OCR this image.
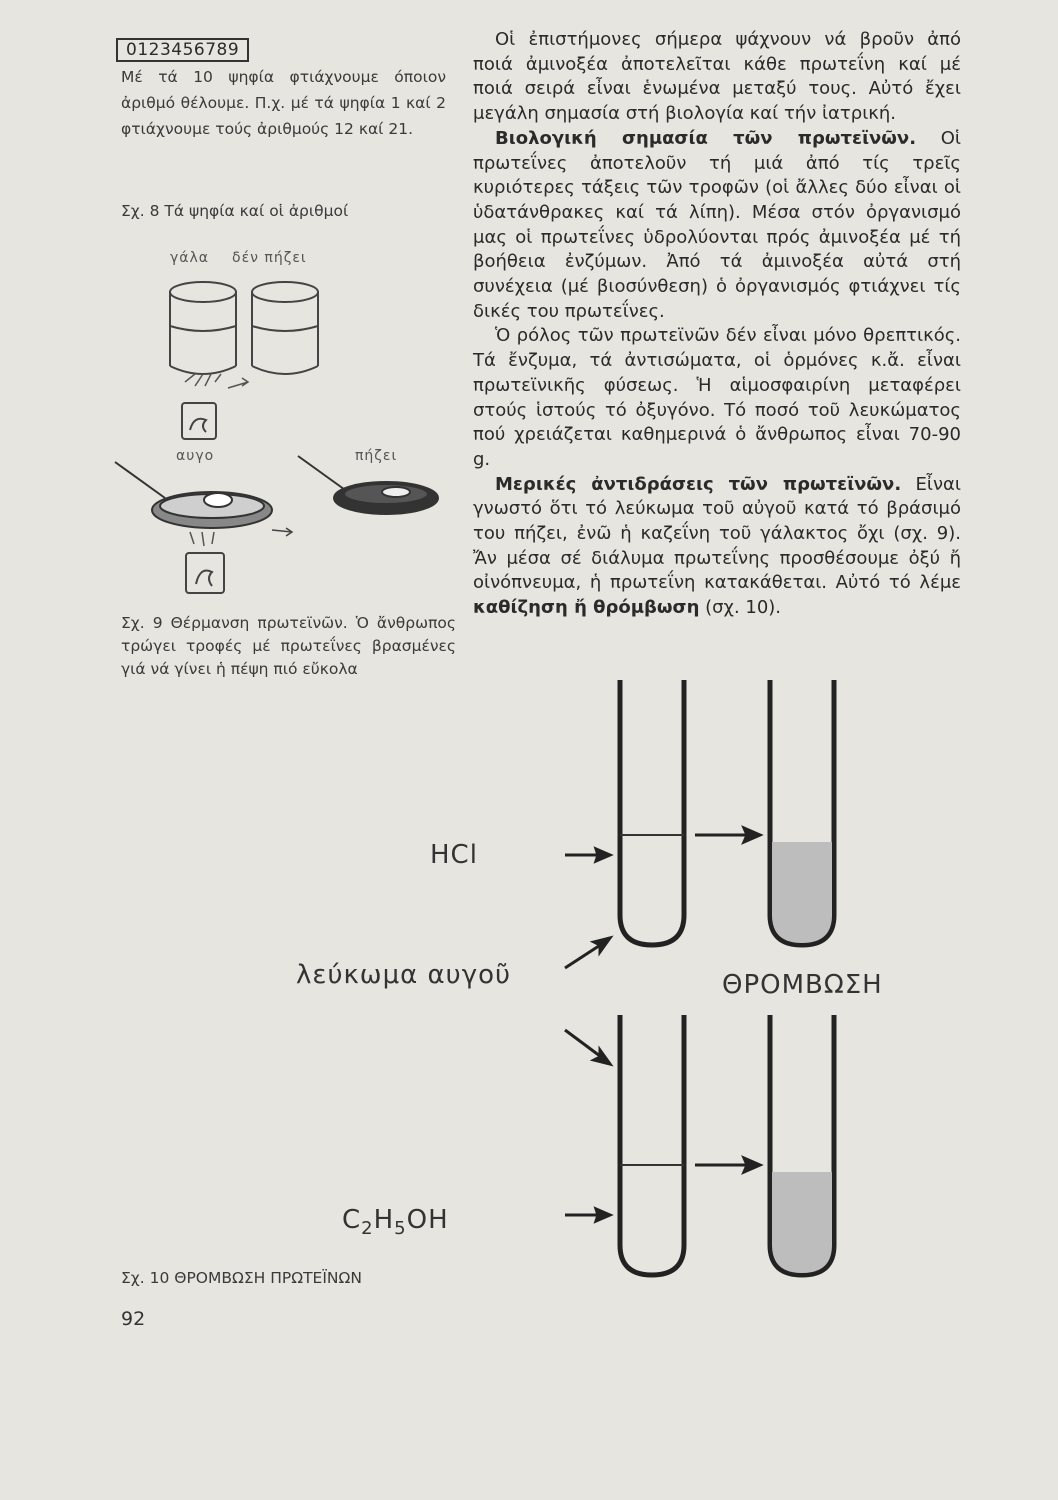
0123456789
Μέ τά 10 ψηφία φτιάχνουμε όποιον ἀριθμό θέλουμε. Π.χ. μέ τά ψηφία 1 καί 2 φτιάχνουμε τούς ἀριθμούς 12 καί 21.
Σχ. 8 Τά ψηφία καί οἱ ἀριθμοί
γάλα δέν πήζει
αυγο	πήζει
Σχ. 9 Θέρμανση πρωτεϊνῶν. Ὁ ἄνθρωπος τρώγει τροφές μέ πρωτεΐνες βρασμένες γιά νά γίνει ἡ πέψη πιό εὔκολα
Σχ. 10 ΘΡΟΜΒΩΣΗ ΠΡΩΤΕΪΝΩΝ
92

Οἱ ἐπιστήμονες σήμερα ψάχνουν νά βροῦν ἀπό ποιά ἀμινοξέα ἀποτελεῖται κάθε πρωτεΐνη καί μέ ποιά σειρά εἶναι ἑνωμένα μεταξύ τους. Αὐτό ἔχει μεγάλη σημασία στή βιολογία καί τήν ἰατρική.

Βιολογική σημασία τῶν πρωτεϊνῶν. Οἱ πρωτεΐνες ἀποτελοῦν τή μιά ἀπό τίς τρεῖς κυριότερες τάξεις τῶν τροφῶν (οἱ ἄλλες δύο εἶναι οἱ ὑδατάνθρακες καί τά λίπη). Μέσα στόν ὀργανισμό μας οἱ πρωτεΐνες ὑδρολύονται πρός ἀμινοξέα μέ τή βοήθεια ἐνζύμων. Ἀπό τά ἀμινοξέα αὐτά στή συνέχεια (μέ βιοσύνθεση) ὁ ὀργανισμός φτιάχνει τίς δικές του πρωτεΐνες.

Ὁ ρόλος τῶν πρωτεϊνῶν δέν εἶναι μόνο θρεπτικός. Τά ἔνζυμα, τά ἀντισώματα, οἱ ὁρμόνες κ.ἄ. εἶναι πρωτεϊνικῆς φύσεως. Ἡ αἱμοσφαιρίνη μεταφέρει στούς ἱστούς τό ὀξυγόνο. Τό ποσό τοῦ λευκώματος πού χρειάζεται καθημερινά ὁ ἄνθρωπος εἶναι 70-90 g.

Μερικές ἀντιδράσεις τῶν πρωτεϊνῶν. Εἶναι γνωστό ὅτι τό λεύκωμα τοῦ αὐγοῦ κατά τό βράσιμό του πήζει, ἐνῶ ἡ καζεΐνη τοῦ γάλακτος ὄχι (σχ. 9). Ἄν μέσα σέ διάλυμα πρωτεΐνης προσθέσουμε ὀξύ ἤ οἰνόπνευμα, ἡ πρωτεΐνη κατακάθεται. Αὐτό τό λέμε καθίζηση ἤ θρόμβωση (σχ. 10).

HCl
λεύκωμα αυγοῦ	ΘΡΟΜΒΩΣΗ
$C_2H_5OH$
